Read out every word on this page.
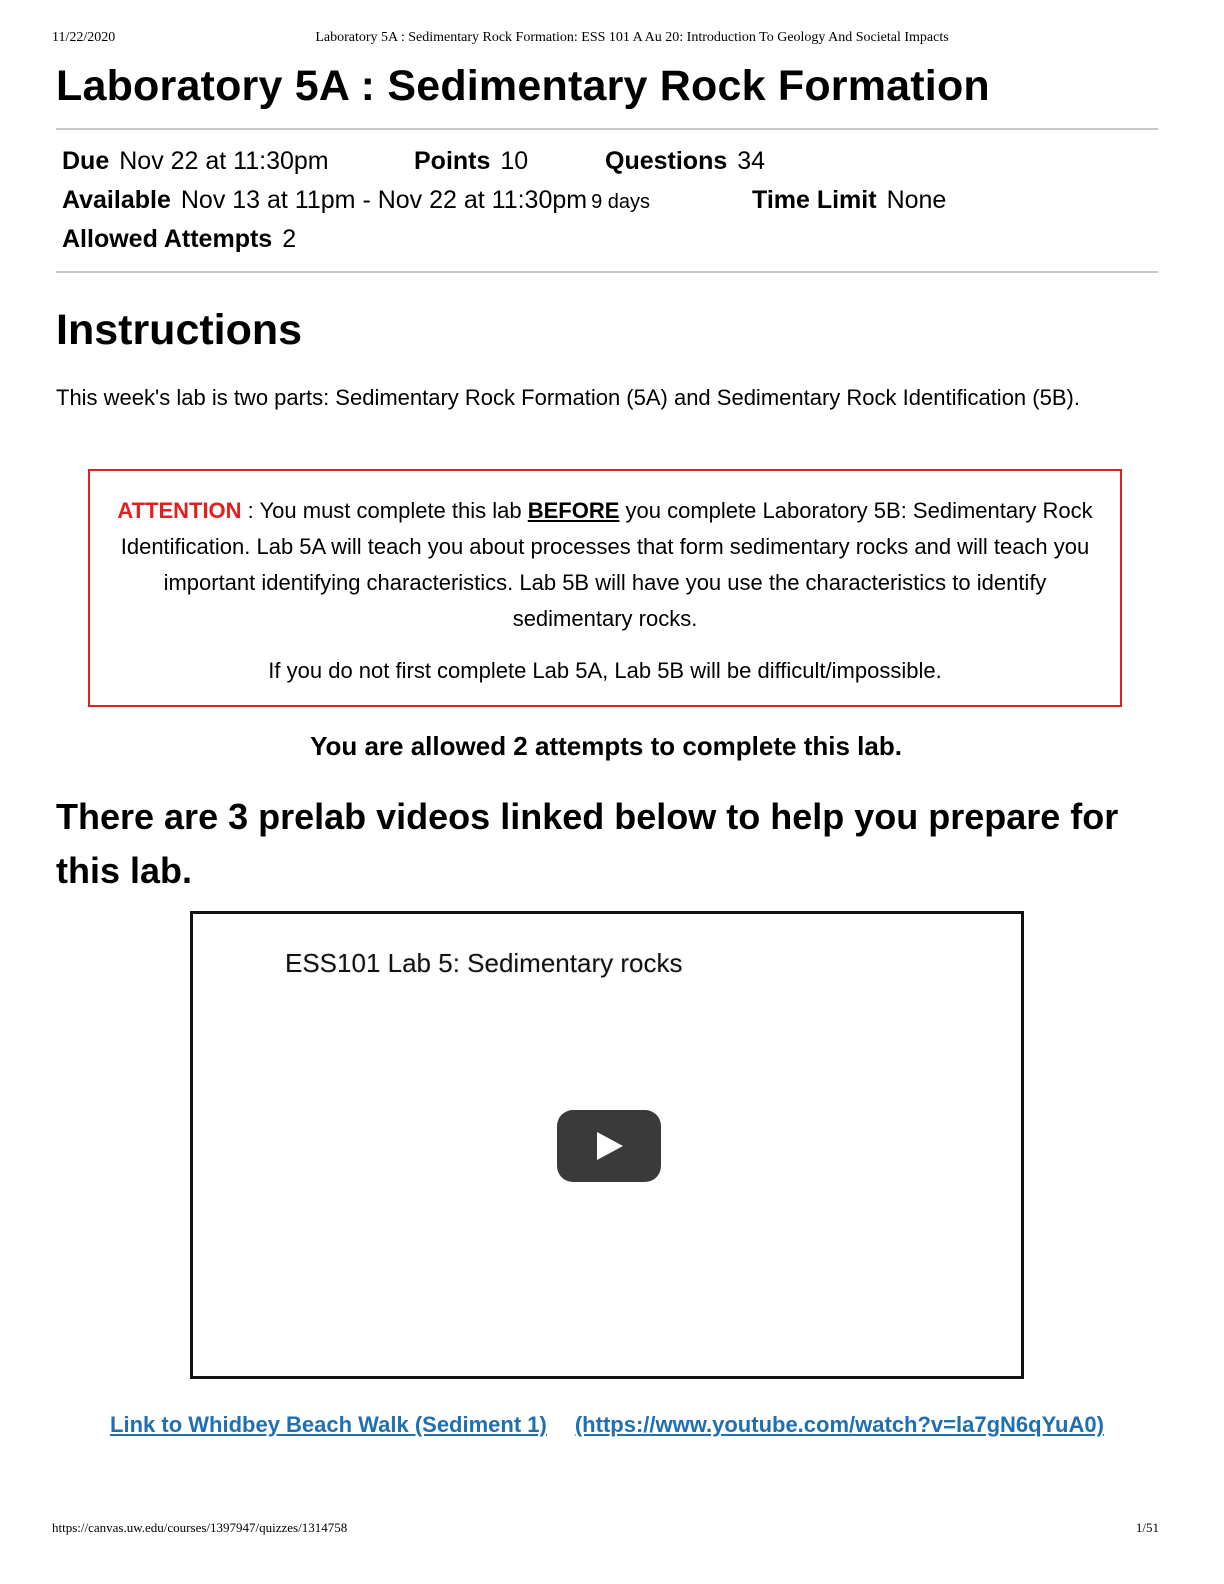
11/22/2020	Laboratory 5A : Sedimentary Rock Formation: ESS 101 A Au 20: Introduction To Geology And Societal Impacts
Laboratory 5A : Sedimentary Rock Formation
Due Nov 22 at 11:30pm	Points 10	Questions 34
Available Nov 13 at 11pm - Nov 22 at 11:30pm 9 days	Time Limit None
Allowed Attempts 2
Instructions

This week's lab is two parts: Sedimentary Rock Formation (5A) and Sedimentary Rock Identification (5B).

ATTENTION : You must complete this lab BEFORE you complete Laboratory 5B: Sedimentary Rock Identification. Lab 5A will teach you about processes that form sedimentary rocks and will teach you important identifying characteristics. Lab 5B will have you use the characteristics to identify sedimentary rocks.

If you do not first complete Lab 5A, Lab 5B will be difficult/impossible.

You are allowed 2 attempts to complete this lab.
There are 3 prelab videos linked below to help you prepare for this lab.
ESS101 Lab 5: Sedimentary rocks
Link to Whidbey Beach Walk (Sediment 1) (https://www.youtube.com/watch?v=la7gN6qYuA0)
https://canvas.uw.edu/courses/1397947/quizzes/1314758	1/51
